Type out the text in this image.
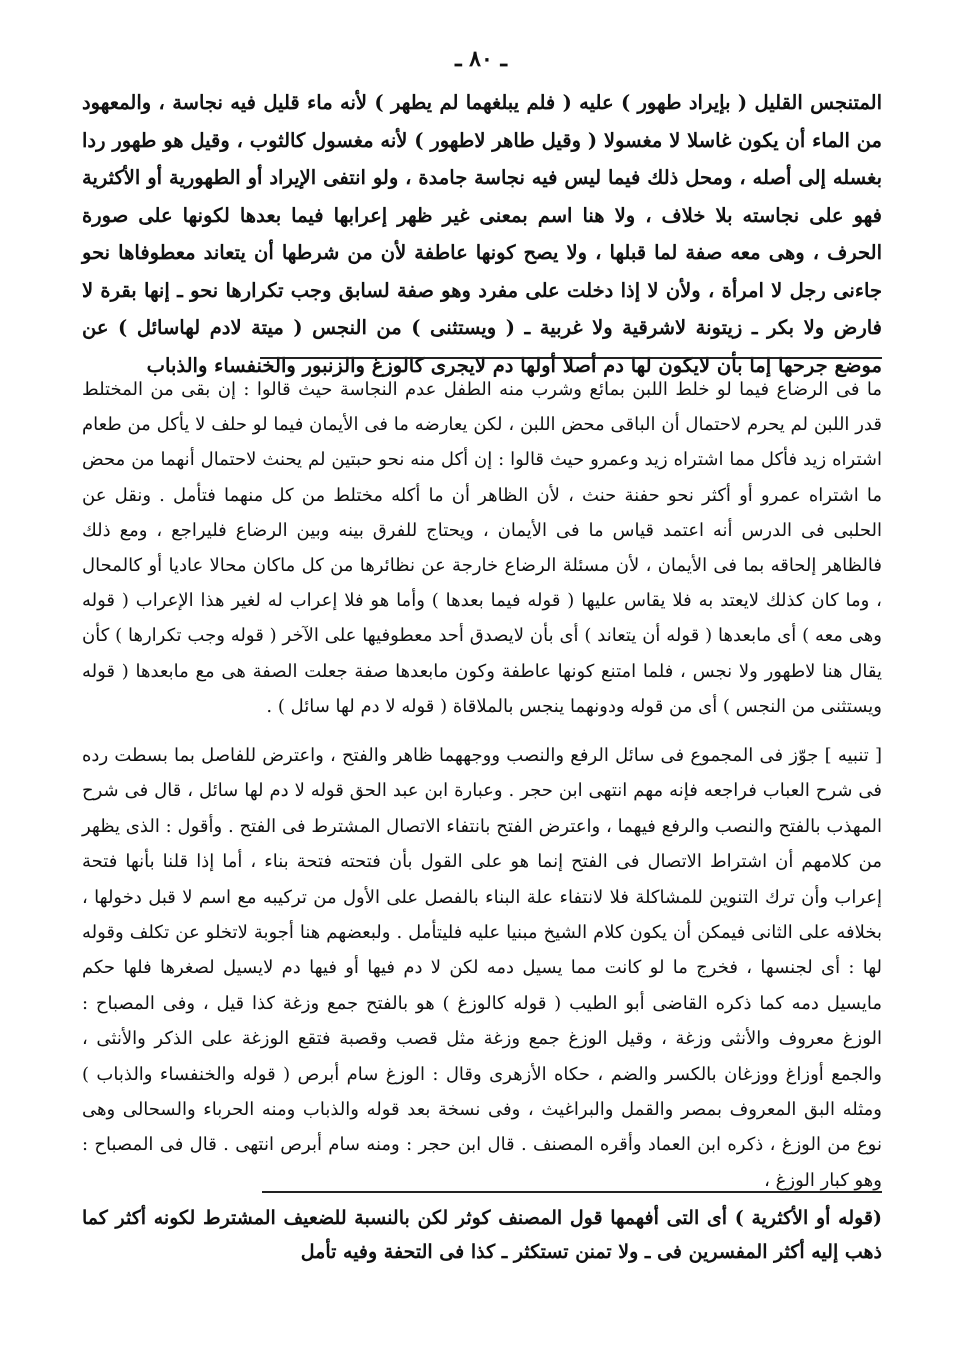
ـ ٨٠ ـ
المتنجس القليل ( بإيراد طهور ) عليه ( فلم يبلغهما لم يطهر ) لأنه ماء قليل فيه نجاسة ، والمعهود من الماء أن يكون غاسلا لا مغسولا ( وقيل طاهر لاطهور ) لأنه مغسول كالثوب ، وقيل هو طهور ردا بغسله إلى أصله ، ومحل ذلك فيما ليس فيه نجاسة جامدة ، ولو انتفى الإيراد أو الطهورية أو الأكثرية فهو على نجاسته بلا خلاف ، ولا هنا اسم بمعنى غير ظهر إعرابها فيما بعدها لكونها على صورة الحرف ، وهى معه صفة لما قبلها ، ولا يصح كونها عاطفة لأن من شرطها أن يتعاند معطوفاها نحو جاءنى رجل لا امرأة ، ولأن لا إذا دخلت على مفرد وهو صفة لسابق وجب تكرارها نحو ـ إنها بقرة لا فارض ولا بكر ـ زيتونة لاشرقية ولا غربية ـ ( ويستثنى ) من النجس ( ميتة لادم لهاسائل ) عن موضع جرحها إما بأن لايكون لها دم أصلا أولها دم لايجرى كالوزغ والزنبور والخنفساء والذباب
ما فى الرضاع فيما لو خلط اللبن بمائع وشرب منه الطفل عدم النجاسة حيث قالوا : إن بقى من المختلط قدر اللبن لم يحرم لاحتمال أن الباقى محض اللبن ، لكن يعارضه ما فى الأيمان فيما لو حلف لا يأكل من طعام اشتراه زيد فأكل مما اشتراه زيد وعمرو حيث قالوا : إن أكل منه نحو حبتين لم يحنث لاحتمال أنهما من محض ما اشتراه عمرو أو أكثر نحو حفنة حنث ، لأن الظاهر أن ما أكله مختلط من كل منهما فتأمل . ونقل عن الحلبى فى الدرس أنه اعتمد قياس ما فى الأيمان ، ويحتاج للفرق بينه وبين الرضاع فليراجع ، ومع ذلك فالظاهر إلحاقه بما فى الأيمان ، لأن مسئلة الرضاع خارجة عن نظائرها من كل ماكان محالا عاديا أو كالمحال ، وما كان كذلك لايعتد به فلا يقاس عليها ( قوله فيما بعدها ) وأما هو فلا إعراب له لغير هذا الإعراب ( قوله وهى معه ) أى مابعدها ( قوله أن يتعاند ) أى بأن لايصدق أحد معطوفيها على الآخر ( قوله وجب تكرارها ) كأن يقال هنا لاطهور ولا نجس ، فلما امتنع كونها عاطفة وكون مابعدها صفة جعلت الصفة هى مع مابعدها ( قوله ويستثنى من النجس ) أى من قوله ودونهما ينجس بالملاقاة ( قوله لا دم لها سائل ) .
[ تنبيه ] جوّز فى المجموع فى سائل الرفع والنصب ووجههما ظاهر والفتح ، واعترض للفاصل بما بسطت رده فى شرح العباب فراجعه فإنه مهم انتهى ابن حجر . وعبارة ابن عبد الحق قوله لا دم لها سائل ، قال فى شرح المهذب بالفتح والنصب والرفع فيهما ، واعترض الفتح بانتفاء الاتصال المشترط فى الفتح . وأقول : الذى يظهر من كلامهم أن اشتراط الاتصال فى الفتح إنما هو على القول بأن فتحته فتحة بناء ، أما إذا قلنا بأنها فتحة إعراب وأن ترك التنوين للمشاكلة فلا لانتفاء علة البناء بالفصل على الأول من تركيبه مع اسم لا قبل دخولها ، بخلافه على الثانى فيمكن أن يكون كلام الشيخ مبنيا عليه فليتأمل . ولبعضهم هنا أجوبة لاتخلو عن تكلف وقوله لها : أى لجنسها ، فخرج ما لو كانت مما يسيل دمه لكن لا دم فيها أو فيها دم لايسيل لصغرها فلها حكم مايسيل دمه كما ذكره القاضى أبو الطيب ( قوله كالوزغ ) هو بالفتح جمع وزغة كذا قيل ، وفى المصباح : الوزغ معروف والأنثى وزغة ، وقيل الوزغ جمع وزغة مثل قصب وقصبة فتقع الوزغة على الذكر والأنثى ، والجمع أوزاغ ووزغان بالكسر والضم ، حكاه الأزهرى وقال : الوزغ سام أبرص ( قوله والخنفساء والذباب ) ومثله البق المعروف بمصر والقمل والبراغيث ، وفى نسخة بعد قوله والذباب ومنه الحرباء والسحالى وهى نوع من الوزغ ، ذكره ابن العماد وأقره المصنف . قال ابن حجر : ومنه سام أبرص انتهى . قال فى المصباح : وهو كبار الوزغ ،
(قوله أو الأكثرية ) أى التى أفهمها قول المصنف كوثر لكن بالنسبة للضعيف المشترط لكونه أكثر كما ذهب إليه أكثر المفسرين فى ـ ولا تمنن تستكثر ـ كذا فى التحفة وفيه تأمل
